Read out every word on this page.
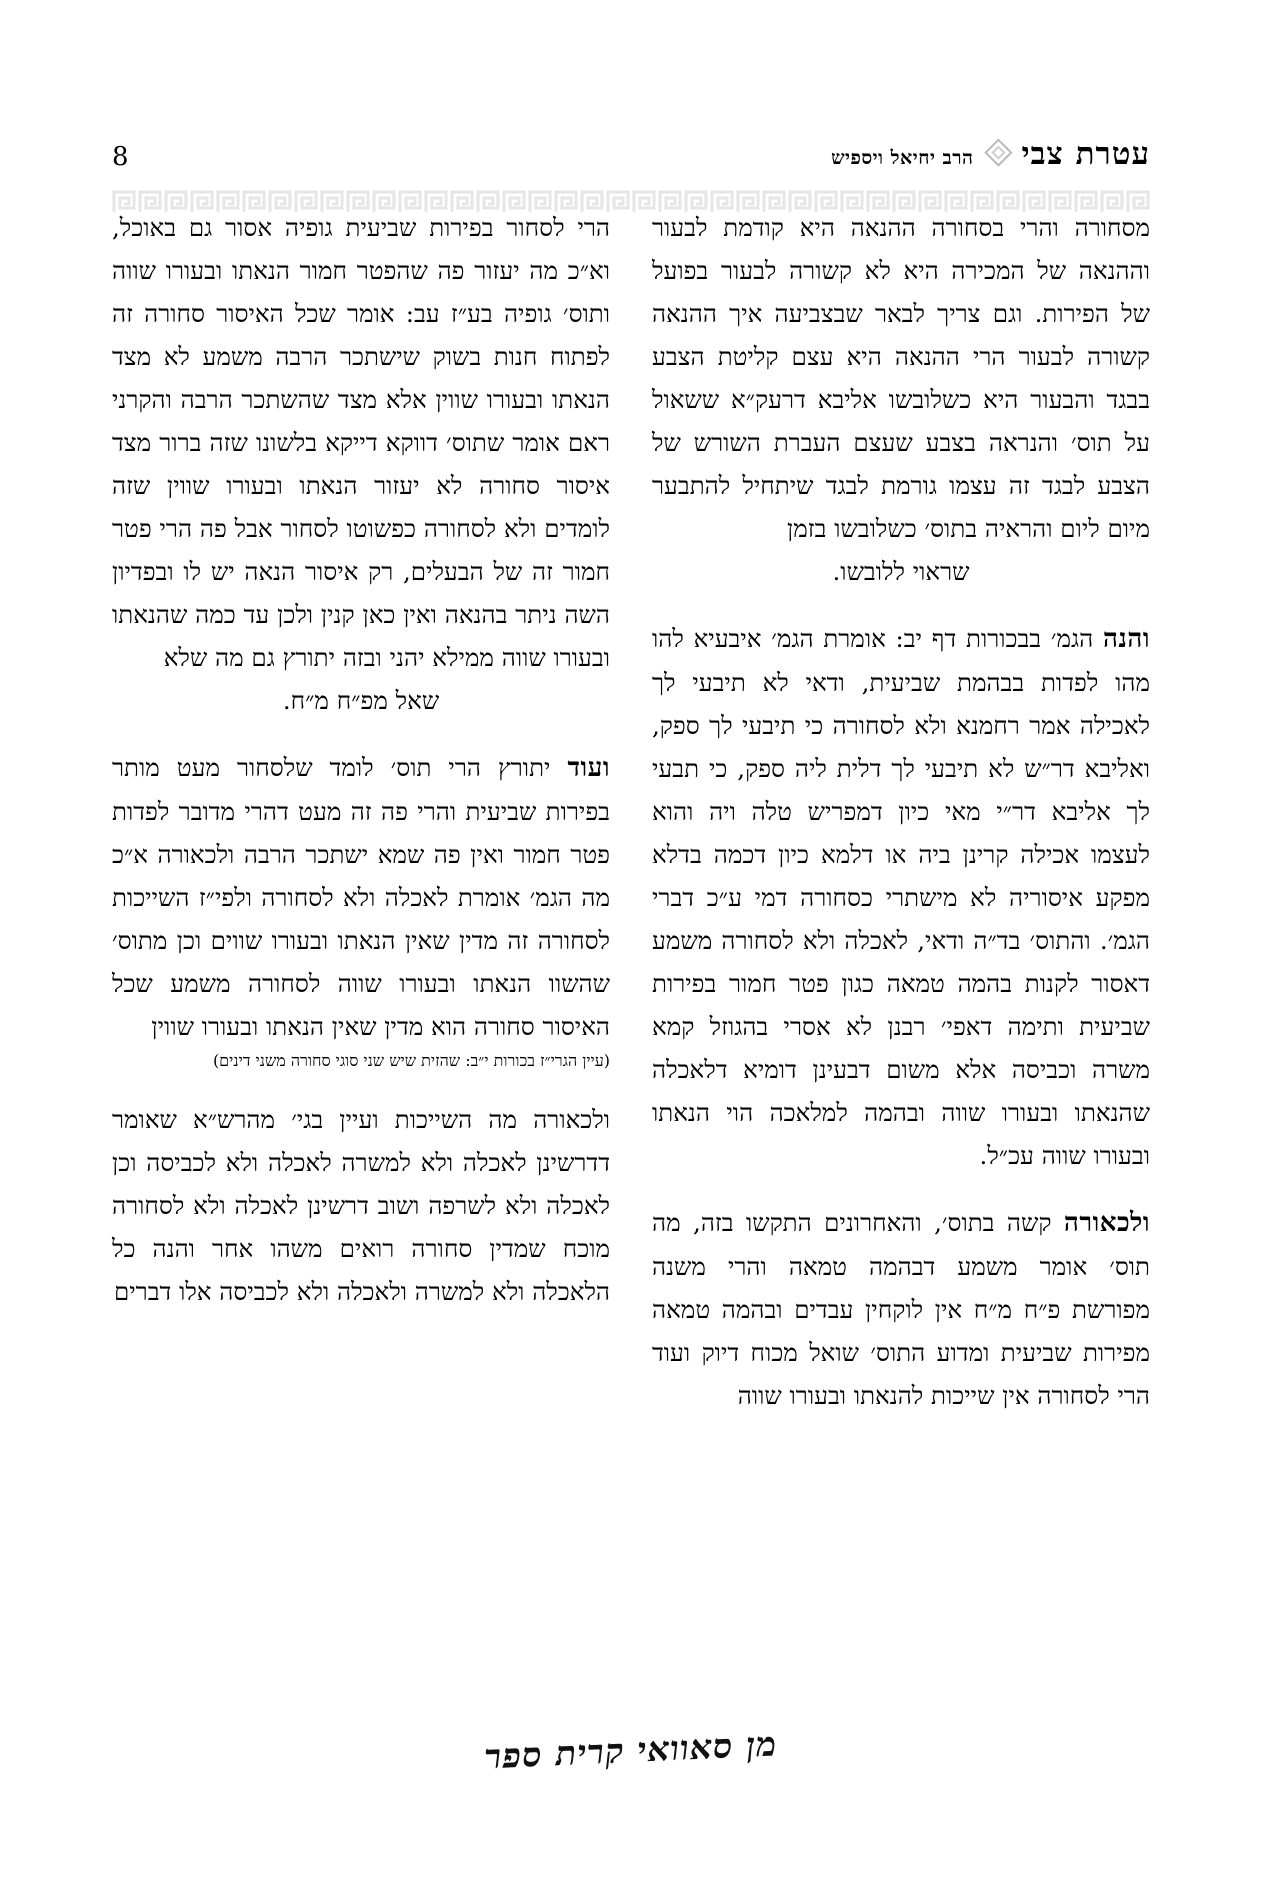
עטרת צבי
הרב יחיאל ויספיש
8

מסחורה והרי בסחורה ההנאה היא קודמת לבעור וההנאה של המכירה היא לא קשורה לבעור בפועל של הפירות. וגם צריך לבאר שבצביעה איך ההנאה קשורה לבעור הרי ההנאה היא עצם קליטת הצבע בבגד והבעור היא כשלובשו אליבא דרעק״א ששאול על תוס׳ והנראה בצבע שעצם העברת השורש של הצבע לבגד זה עצמו גורמת לבגד שיתחיל להתבער מיום ליום והראיה בתוס׳ כשלובשו בזמן
שראוי ללובשו.

והנה הגמ׳ בבכורות דף יב: אומרת הגמ׳ איבעיא להו מהו לפדות בבהמת שביעית, ודאי לא תיבעי לך לאכילה אמר רחמנא ולא לסחורה כי תיבעי לך ספק, ואליבא דר״ש לא תיבעי לך דלית ליה ספק, כי תבעי לך אליבא דר״י מאי כיון דמפריש טלה ויה והוא לעצמו אכילה קרינן ביה או דלמא כיון דכמה בדלא מפקע איסוריה לא מישתרי כסחורה דמי ע״כ דברי הגמ׳. והתוס׳ בד״ה ודאי, לאכלה ולא לסחורה משמע דאסור לקנות בהמה טמאה כגון פטר חמור בפירות שביעית ותימה דאפי׳ רבנן לא אסרי בהגוזל קמא משרה וכביסה אלא משום דבעינן דומיא דלאכלה שהנאתו ובעורו שווה ובהמה למלאכה הוי הנאתו ובעורו שווה עכ״ל.

ולכאורה קשה בתוס׳, והאחרונים התקשו בזה, מה תוס׳ אומר משמע דבהמה טמאה והרי משנה מפורשת פ״ח מ״ח אין לוקחין עבדים ובהמה טמאה מפירות שביעית ומדוע התוס׳ שואל מכוח דיוק ועוד הרי לסחורה אין שייכות להנאתו ובעורו שווה

הרי לסחור בפירות שביעית גופיה אסור גם באוכל, וא״כ מה יעזור פה שהפטר חמור הנאתו ובעורו שווה ותוס׳ גופיה בע״ז עב: אומר שכל האיסור סחורה זה לפתוח חנות בשוק שישתכר הרבה משמע לא מצד הנאתו ובעורו שווין אלא מצד שהשתכר הרבה והקרני ראם אומר שתוס׳ דווקא דייקא בלשונו שזה ברור מצד איסור סחורה לא יעזור הנאתו ובעורו שווין שזה לומדים ולא לסחורה כפשוטו לסחור אבל פה הרי פטר חמור זה של הבעלים, רק איסור הנאה יש לו ובפדיון השה ניתר בהנאה ואין כאן קנין ולכן עד כמה שהנאתו ובעורו שווה ממילא יהני ובזה יתורץ גם מה שלא
שאל מפ״ח מ״ח.

ועוד יתורץ הרי תוס׳ לומד שלסחור מעט מותר בפירות שביעית והרי פה זה מעט דהרי מדובר לפדות פטר חמור ואין פה שמא ישתכר הרבה ולכאורה א״כ מה הגמ׳ אומרת לאכלה ולא לסחורה ולפי״ז השייכות לסחורה זה מדין שאין הנאתו ובעורו שווים וכן מתוס׳ שהשוו הנאתו ובעורו שווה לסחורה משמע שכל האיסור סחורה הוא מדין שאין הנאתו ובעורו שווין
(עיין הגרי״ז בכורות י״ב: שהזית שיש שני סוגי סחורה משני דינים)

ולכאורה מה השייכות ועיין בגי׳ מהרש״א שאומר דדרשינן לאכלה ולא למשרה לאכלה ולא לכביסה וכן לאכלה ולא לשרפה ושוב דרשינן לאכלה ולא לסחורה מוכח שמדין סחורה רואים משהו אחר והנה כל הלאכלה ולא למשרה ולאכלה ולא לכביסה אלו דברים

מן סאוואי קרית ספר
